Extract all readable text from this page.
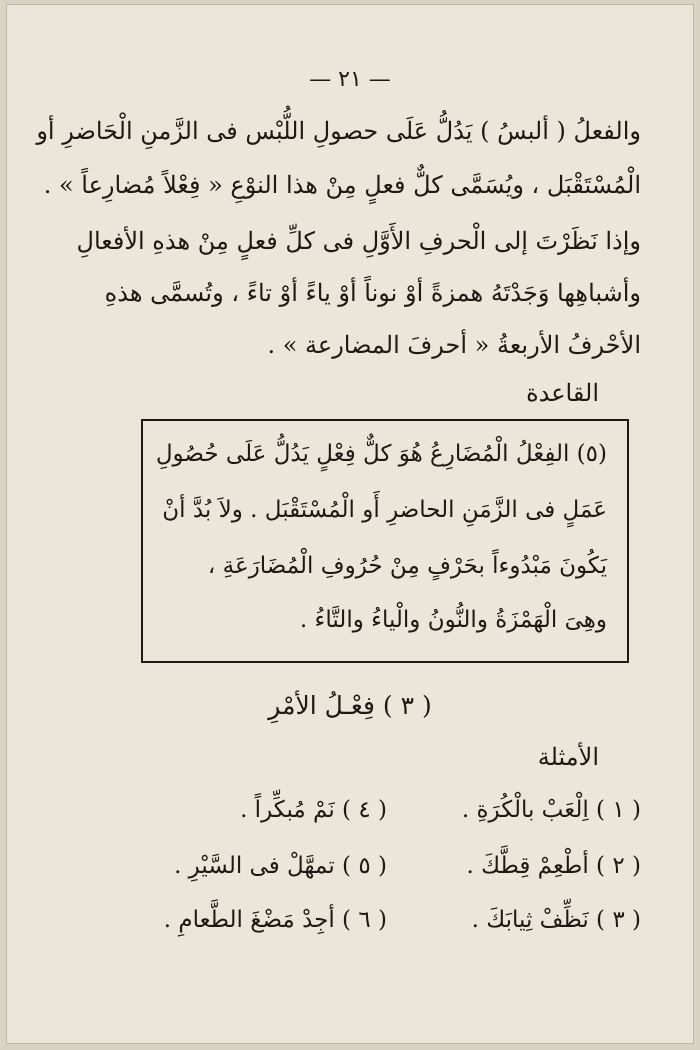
— ٢١ —
والفعلُ ( ألبسُ ) يَدُلُّ عَلَى حصولِ اللُّبْس فى الزَّمنِ الْحَاضرِ أو
الْمُسْتَقْبَل ، ويُسَمَّى كلٌّ فعلٍ مِنْ هذا النوْعِ « فِعْلاً مُضارِعاً » .
وإذا نَظَرْتَ إلى الْحرفِ الأَوَّلِ فى كلِّ فعلٍ مِنْ هذهِ الأفعالِ
وأشباهِها وَجَدْتَهُ همزةً أوْ نوناً أوْ ياءً أوْ تاءً ، وتُسمَّى هذهِ
الأحْرفُ الأربعةُ « أحرفَ المضارعة » .
القاعدة
(٥) الفِعْلُ الْمُضَارِعُ هُوَ كلٌّ فِعْلٍ يَدُلُّ عَلَى حُصُولِ
عَمَلٍ فى الزَّمَنِ الحاضرِ أَو الْمُسْتَقْبَل . ولاَ بُدَّ أنْ
يَكُونَ مَبْدُوءاً بحَرْفٍ مِنْ حُرُوفِ الْمُضَارَعَةِ ،
وهِىَ الْهَمْزَةُ والنُّونُ والْياءُ والتَّاءُ .
( ٣ ) فِعْـلُ الأمْرِ
الأمثلة
( ١ ) اِلْعَبْ بالْكُرَةِ .
( ٤ ) نَمْ مُبكِّراً .
( ٢ ) أطْعِمْ قِطَّكَ .
( ٥ ) تمهَّلْ فى السَّيْرِ .
( ٣ ) نَظِّفْ ثِيابَكَ .
( ٦ ) أجِدْ مَضْغَ الطَّعامِ .
